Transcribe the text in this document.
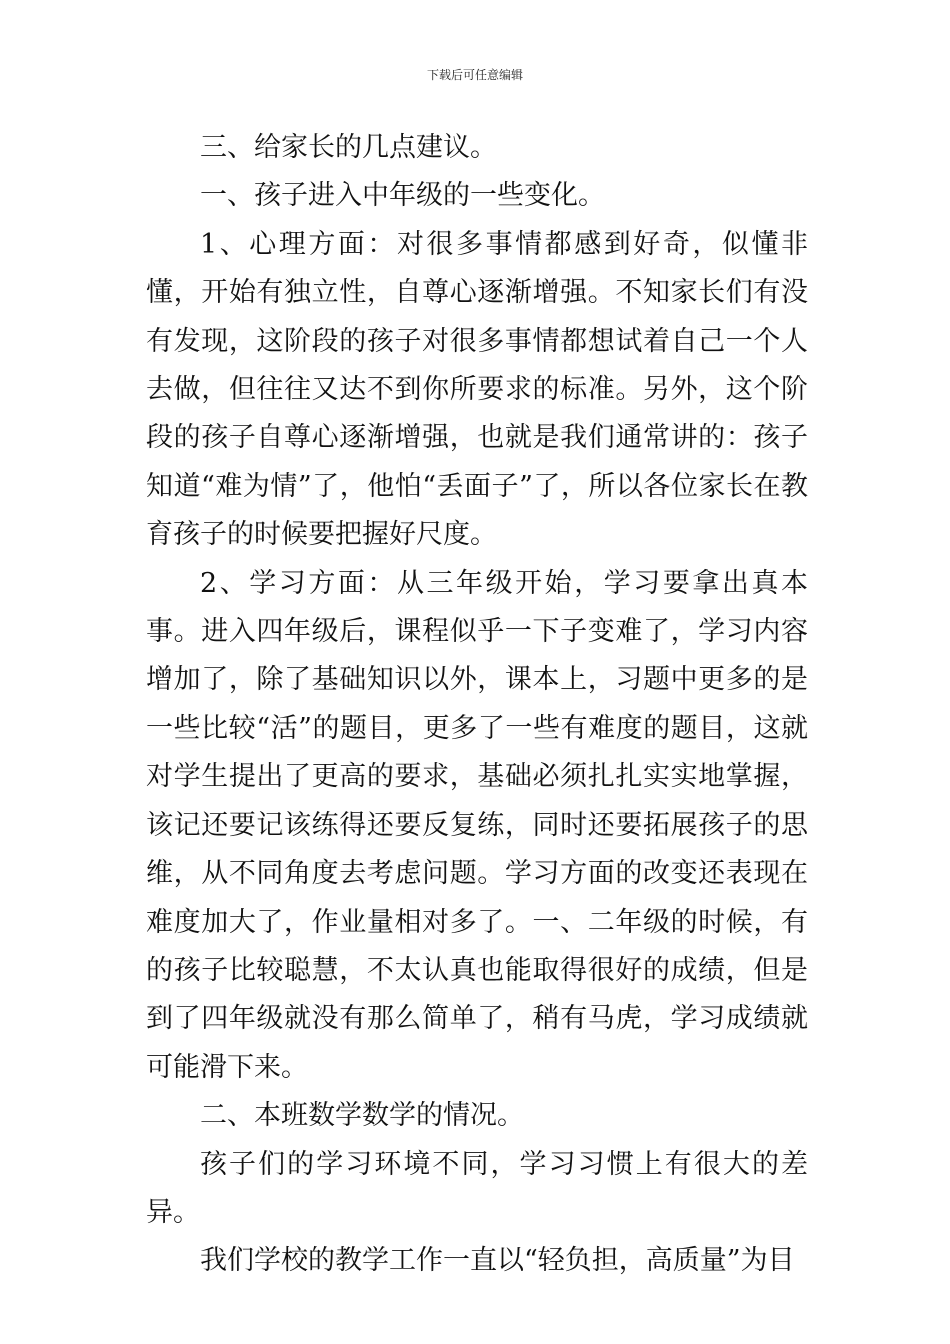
下载后可任意编辑

三、给家长的几点建议。

一、孩子进入中年级的一些变化。

1、心理方面：对很多事情都感到好奇，似懂非懂，开始有独立性，自尊心逐渐增强。不知家长们有没有发现，这阶段的孩子对很多事情都想试着自己一个人去做，但往往又达不到你所要求的标准。另外，这个阶段的孩子自尊心逐渐增强，也就是我们通常讲的：孩子知道“难为情”了，他怕“丢面子”了，所以各位家长在教育孩子的时候要把握好尺度。

2、学习方面：从三年级开始，学习要拿出真本事。进入四年级后，课程似乎一下子变难了，学习内容增加了，除了基础知识以外，课本上，习题中更多的是一些比较“活”的题目，更多了一些有难度的题目，这就对学生提出了更高的要求，基础必须扎扎实实地掌握，该记还要记该练得还要反复练，同时还要拓展孩子的思维，从不同角度去考虑问题。学习方面的改变还表现在难度加大了，作业量相对多了。一、二年级的时候，有的孩子比较聪慧，不太认真也能取得很好的成绩，但是到了四年级就没有那么简单了，稍有马虎，学习成绩就可能滑下来。

二、本班数学数学的情况。

孩子们的学习环境不同，学习习惯上有很大的差异。

我们学校的教学工作一直以“轻负担，高质量”为目
